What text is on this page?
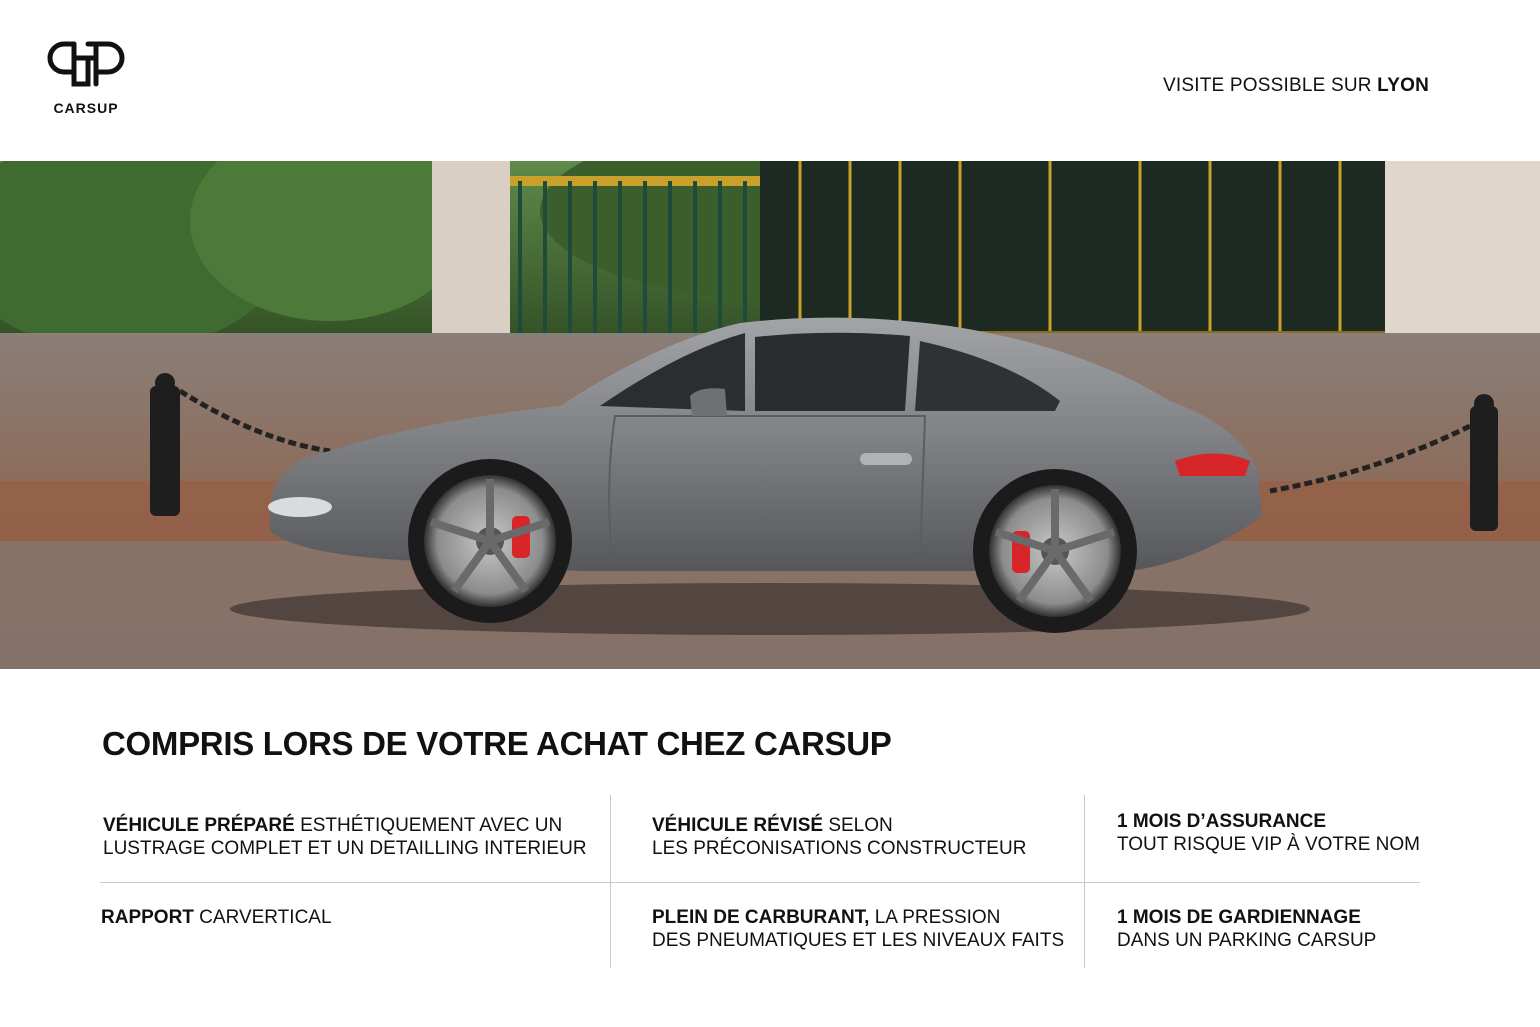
CARSUP
VISITE POSSIBLE SUR LYON
COMPRIS LORS DE VOTRE ACHAT CHEZ CARSUP
VÉHICULE PRÉPARÉ ESTHÉTIQUEMENT AVEC UN
LUSTRAGE COMPLET ET UN DETAILLING INTERIEUR
VÉHICULE RÉVISÉ SELON
LES PRÉCONISATIONS CONSTRUCTEUR
1 MOIS D’ASSURANCE
TOUT RISQUE VIP À VOTRE NOM
RAPPORT CARVERTICAL	PLEIN DE CARBURANT, LA PRESSION
DES PNEUMATIQUES ET LES NIVEAUX FAITS
1 MOIS DE GARDIENNAGE
DANS UN PARKING CARSUP
